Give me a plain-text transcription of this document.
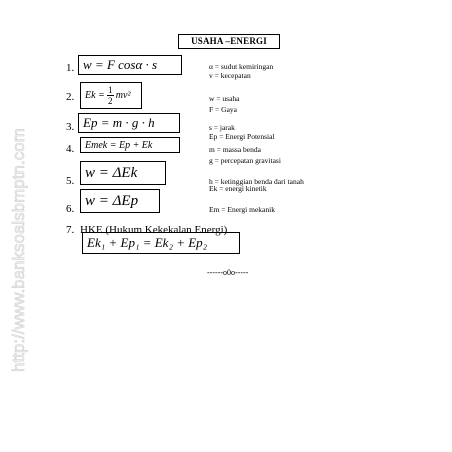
http://www.banksoalsbmptn.com
USAHA –ENERGI
1. w = F cosα · s
2. $Ek = \frac{1}{2} mv^2$
3. Ep = m · g · h
4. Emek = Ep + Ek
5.
w = ΔEk
6.
w = ΔEp
7. HKE (Hukum Kekekalan Energi)
Ek₁ + Ep₁ = Ek₂ + Ep₂
α = sudut kemiringan
v = kecepatan
w = usaha
F = Gaya
s = jarak
Ep = Energi Potensial
m = massa benda
g = percepatan gravitasi
h = ketinggian benda dari tanah
Ek = energi kinetik
Em = Energi mekanik
------o0o-----
